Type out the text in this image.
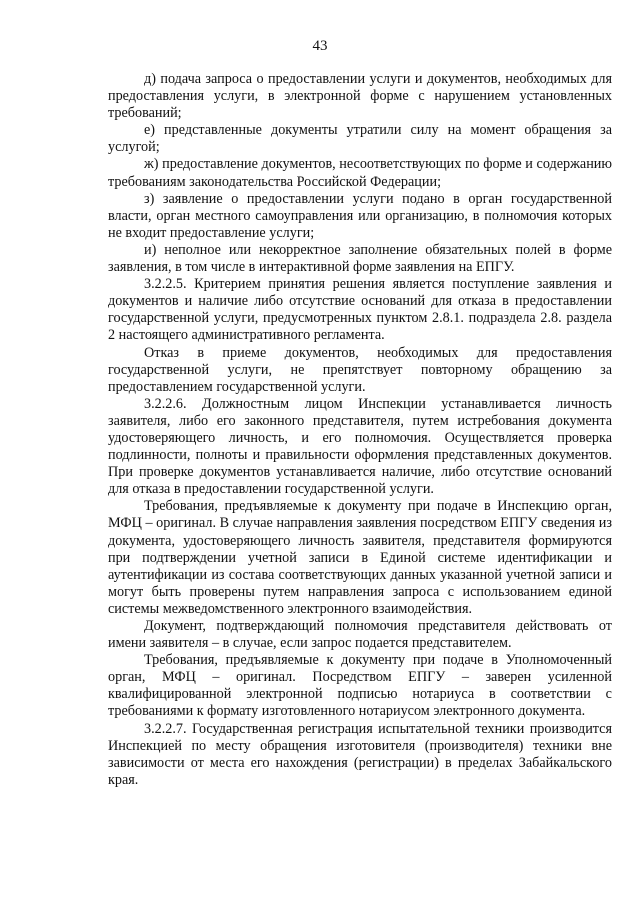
43

д) подача запроса о предоставлении услуги и документов, необходимых для предоставления услуги, в электронной форме с нарушением установленных требований;

е) представленные документы утратили силу на момент обращения за услугой;

ж) предоставление документов, несоответствующих по форме и содержанию требованиям законодательства Российской Федерации;

з) заявление о предоставлении услуги подано в орган государственной власти, орган местного самоуправления или организацию, в полномочия которых не входит предоставление услуги;

и) неполное или некорректное заполнение обязательных полей в форме заявления, в том числе в интерактивной форме заявления на ЕПГУ.

3.2.2.5. Критерием принятия решения является поступление заявления и документов и наличие либо отсутствие оснований для отказа в предоставлении государственной услуги, предусмотренных пунктом 2.8.1. подраздела 2.8. раздела 2 настоящего административного регламента.

Отказ в приеме документов, необходимых для предоставления государственной услуги, не препятствует повторному обращению за предоставлением государственной услуги.

3.2.2.6. Должностным лицом Инспекции устанавливается личность заявителя, либо его законного представителя, путем истребования документа удостоверяющего личность, и его полномочия. Осуществляется проверка подлинности, полноты и правильности оформления представленных документов. При проверке документов устанавливается наличие, либо отсутствие оснований для отказа в предоставлении государственной услуги.

Требования, предъявляемые к документу при подаче в Инспекцию орган, МФЦ – оригинал. В случае направления заявления посредством ЕПГУ сведения из документа, удостоверяющего личность заявителя, представителя формируются при подтверждении учетной записи в Единой системе идентификации и аутентификации из состава соответствующих данных указанной учетной записи и могут быть проверены путем направления запроса с использованием единой системы межведомственного электронного взаимодействия.

Документ, подтверждающий полномочия представителя действовать от имени заявителя – в случае, если запрос подается представителем.

Требования, предъявляемые к документу при подаче в Уполномоченный орган, МФЦ – оригинал. Посредством ЕПГУ – заверен усиленной квалифицированной электронной подписью нотариуса в соответствии с требованиями к формату изготовленного нотариусом электронного документа.

3.2.2.7. Государственная регистрация испытательной техники производится Инспекцией по месту обращения изготовителя (производителя) техники вне зависимости от места его нахождения (регистрации) в пределах Забайкальского края.
